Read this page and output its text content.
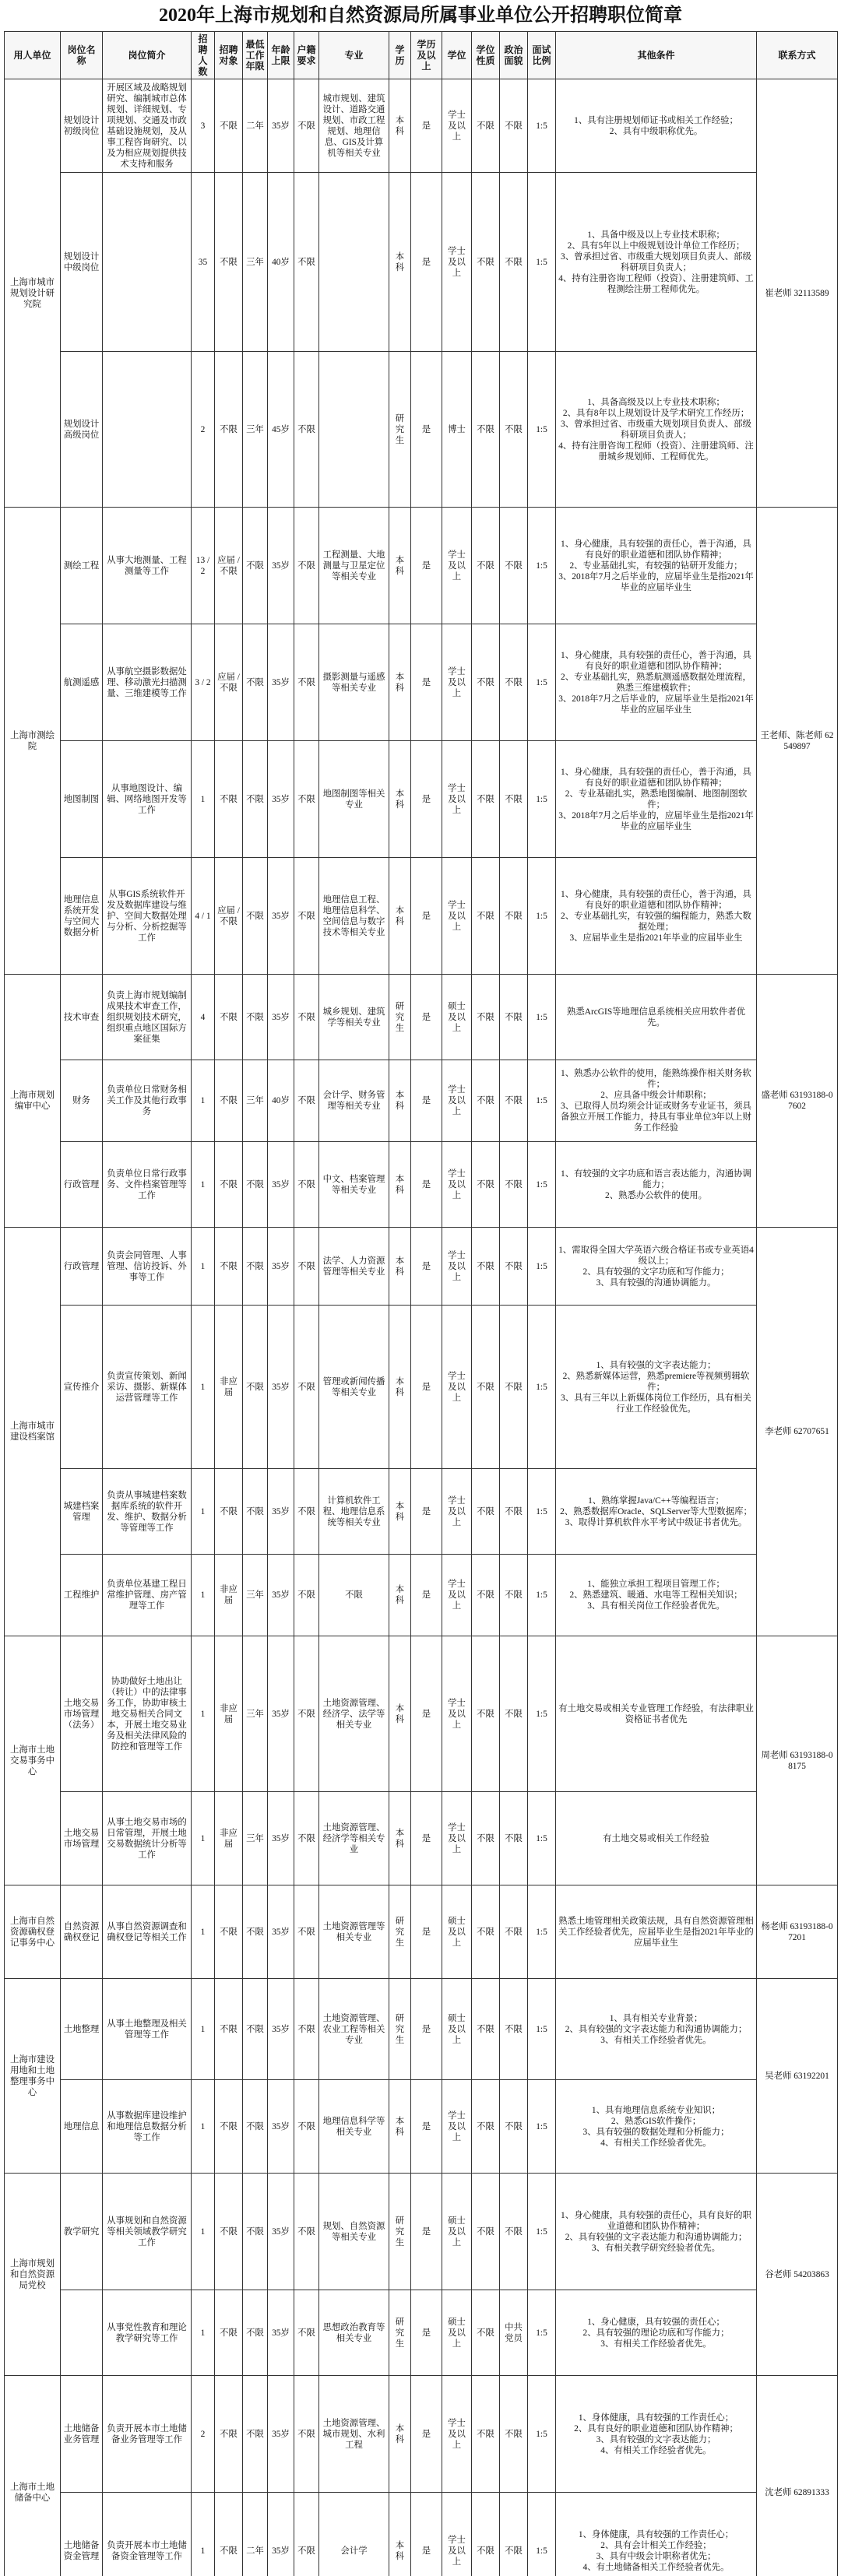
2020年上海市规划和自然资源局所属事业单位公开招聘职位简章
用人单位	岗位名称	岗位简介	招聘人数	招聘对象	最低工作年限	年龄上限	户籍要求	专业	学历	学历及以上	学位	学位性质	政治面貌	面试比例	其他条件	联系方式
上海市城市规划设计研究院	规划设计初级岗位	开展区域及战略规划研究、编制城市总体规划、详细规划、专项规划、交通及市政基础设施规划，及从事工程咨询研究、以及为相应规划提供技术支持和服务	3	不限	二年	35岁	不限	城市规划、建筑设计、道路交通规划、市政工程规划、地理信息、GIS及计算机等相关专业	本科	是	学士及以上	不限	不限	1:5	1、具有注册规划师证书或相关工作经验；
2、具有中级职称优先。	崔老师 32113589
	规划设计中级岗位		35	不限	三年	40岁	不限		本科	是	学士及以上	不限	不限	1:5	1、具备中级及以上专业技术职称；
2、具有5年以上中级规划设计单位工作经历；
3、曾承担过省、市级重大规划项目负责人、部级科研项目负责人；
4、持有注册咨询工程师（投资）、注册建筑师、工程测绘注册工程师优先。	

	规划设计高级岗位		2	不限	三年	45岁	不限		研究生	是	博士	不限	不限	1:5	1、具备高级及以上专业技术职称；
2、具有8年以上规划设计及学术研究工作经历；
3、曾承担过省、市级重大规划项目负责人、部级科研项目负责人；
4、持有注册咨询工程师（投资）、注册建筑师、注册城乡规划师、工程师优先。	

上海市测绘院	测绘工程	从事大地测量、工程测量等工作	13 / 2	应届 / 不限	不限	35岁	不限	工程测量、大地测量与卫星定位等相关专业	本科	是	学士及以上	不限	不限	1:5	1、身心健康，具有较强的责任心，善于沟通，具有良好的职业道德和团队协作精神；
2、专业基础扎实，有较强的钻研开发能力；
3、2018年7月之后毕业的，应届毕业生是指2021年毕业的应届毕业生	王老师、陈老师 62549897
	航测遥感	从事航空摄影数据处理、移动激光扫描测量、三维建模等工作	3 / 2	应届 / 不限	不限	35岁	不限	摄影测量与遥感等相关专业	本科	是	学士及以上	不限	不限	1:5	1、身心健康，具有较强的责任心，善于沟通，具有良好的职业道德和团队协作精神；
2、专业基础扎实，熟悉航测遥感数据处理流程，熟悉三维建模软件；
3、2018年7月之后毕业的，应届毕业生是指2021年毕业的应届毕业生	

	地图制图	从事地图设计、编辑、网络地图开发等工作	1	不限	不限	35岁	不限	地图制图等相关专业	本科	是	学士及以上	不限	不限	1:5	1、身心健康，具有较强的责任心，善于沟通，具有良好的职业道德和团队协作精神；
2、专业基础扎实，熟悉地图编制、地图制图软件；
3、2018年7月之后毕业的，应届毕业生是指2021年毕业的应届毕业生	

	地理信息系统开发与空间大数据分析	从事GIS系统软件开发及数据库建设与维护、空间大数据处理与分析、分析挖掘等工作	4 / 1	应届 / 不限	不限	35岁	不限	地理信息工程、地理信息科学、空间信息与数字技术等相关专业	本科	是	学士及以上	不限	不限	1:5	1、身心健康，具有较强的责任心，善于沟通，具有良好的职业道德和团队协作精神；
2、专业基础扎实，有较强的编程能力，熟悉大数据处理；
3、应届毕业生是指2021年毕业的应届毕业生	

上海市规划编审中心	技术审查	负责上海市规划编制成果技术审查工作，组织规划技术研究，组织重点地区国际方案征集	4	不限	不限	35岁	不限	城乡规划、建筑学等相关专业	研究生	是	硕士及以上	不限	不限	1:5	熟悉ArcGIS等地理信息系统相关应用软件者优先。	盛老师 63193188-07602
	财务	负责单位日常财务相关工作及其他行政事务	1	不限	三年	40岁	不限	会计学、财务管理等相关专业	本科	是	学士及以上	不限	不限	1:5	1、熟悉办公软件的使用，能熟练操作相关财务软件；
2、应具备中级会计师职称；
3、已取得人员均须会计证或财务专业证书，须具备独立开展工作能力，持具有事业单位3年以上财务工作经验	

	行政管理	负责单位日常行政事务、文件档案管理等工作	1	不限	不限	35岁	不限	中文、档案管理等相关专业	本科	是	学士及以上	不限	不限	1:5	1、有较强的文字功底和语言表达能力，沟通协调能力；
2、熟悉办公软件的使用。	

上海市城市建设档案馆	行政管理	负责会同管理、人事管理、信访投诉、外事等工作	1	不限	不限	35岁	不限	法学、人力资源管理等相关专业	本科	是	学士及以上	不限	不限	1:5	1、需取得全国大学英语六级合格证书或专业英语4级以上；
2、具有较强的文字功底和写作能力；
3、具有较强的沟通协调能力。	李老师 62707651
	宣传推介	负责宣传策划、新闻采访、摄影、新媒体运营管理等工作	1	非应届	不限	35岁	不限	管理或新闻传播等相关专业	本科	是	学士及以上	不限	不限	1:5	1、具有较强的文字表达能力；
2、熟悉新媒体运营，熟悉premiere等视频剪辑软件；
3、具有三年以上新媒体岗位工作经历，具有相关行业工作经验优先。	

	城建档案管理	负责从事城建档案数据库系统的软件开发、维护、数据分析等管理等工作	1	不限	不限	35岁	不限	计算机软件工程、地理信息系统等相关专业	本科	是	学士及以上	不限	不限	1:5	1、熟练掌握Java/C++等编程语言；
2、熟悉数据库Oracle、SQLServer等大型数据库；
3、取得计算机软件水平考试中级证书者优先。	

	工程维护	负责单位基建工程日常维护管理、房产管理等工作	1	非应届	三年	35岁	不限	不限	本科	是	学士及以上	不限	不限	1:5	1、能独立承担工程项目管理工作；
2、熟悉建筑、暖通、水电等工程相关知识；
3、具有相关岗位工作经验者优先。	

上海市土地交易事务中心	土地交易市场管理（法务）	协助做好土地出让（转让）中的法律事务工作，协助审核土地交易相关合同文本，开展土地交易业务及相关法律风险的防控和管理等工作	1	非应届	三年	35岁	不限	土地资源管理、经济学、法学等相关专业	本科	是	学士及以上	不限	不限	1:5	有土地交易或相关专业管理工作经验，有法律职业资格证书者优先	周老师 63193188-08175
	土地交易市场管理	从事土地交易市场的日常管理，开展土地交易数据统计分析等工作	1	非应届	三年	35岁	不限	土地资源管理、经济学等相关专业	本科	是	学士及以上	不限	不限	1:5	有土地交易或相关工作经验	

上海市自然资源确权登记事务中心	自然资源确权登记	从事自然资源调查和确权登记等相关工作	1	不限	不限	35岁	不限	土地资源管理等相关专业	研究生	是	硕士及以上	不限	不限	1:5	熟悉土地管理相关政策法规，具有自然资源管理相关工作经验者优先，应届毕业生是指2021年毕业的应届毕业生	杨老师 63193188-07201
上海市建设用地和土地整理事务中心	土地整理	从事土地整理及相关管理等工作	1	不限	不限	35岁	不限	土地资源管理、农业工程等相关专业	研究生	是	硕士及以上	不限	不限	1:5	1、具有相关专业背景；
2、具有较强的文字表达能力和沟通协调能力；
3、有相关工作经验者优先。	吴老师 63192201
	地理信息	从事数据库建设维护和地理信息数据分析等工作	1	不限	不限	35岁	不限	地理信息科学等相关专业	本科	是	学士及以上	不限	不限	1:5	1、具有地理信息系统专业知识；
2、熟悉GIS软件操作；
3、具有较强的数据处理和分析能力；
4、有相关工作经验者优先。	

上海市规划和自然资源局党校	教学研究	从事规划和自然资源等相关领域教学研究工作	1	不限	不限	35岁	不限	规划、自然资源等相关专业	研究生	是	硕士及以上	不限	不限	1:5	1、身心健康，具有较强的责任心，具有良好的职业道德和团队协作精神；
2、具有较强的文字表达能力和沟通协调能力；
3、有相关教学研究经验者优先。	谷老师 54203863
		从事党性教育和理论教学研究等工作	1	不限	不限	35岁	不限	思想政治教育等相关专业	研究生	是	硕士及以上	不限	中共党员	1:5	1、身心健康，具有较强的责任心；
2、具有较强的理论功底和写作能力；
3、有相关工作经验者优先。	

上海市土地储备中心	土地储备业务管理	负责开展本市土地储备业务管理等工作	2	不限	不限	35岁	不限	土地资源管理、城市规划、水利工程	本科	是	学士及以上	不限	不限	1:5	1、身体健康，具有较强的工作责任心；
2、具有良好的职业道德和团队协作精神；
3、具有较强的文字表达能力；
4、有相关工作经验者优先。	沈老师 62891333
	土地储备资金管理	负责开展本市土地储备资金管理等工作	1	不限	二年	35岁	不限	会计学	本科	是	学士及以上	不限	不限	1:5	1、身体健康，具有较强的工作责任心；
2、具有会计相关工作经验；
3、具有中级会计职称者优先；
4、有土地储备相关工作经验者优先。	
